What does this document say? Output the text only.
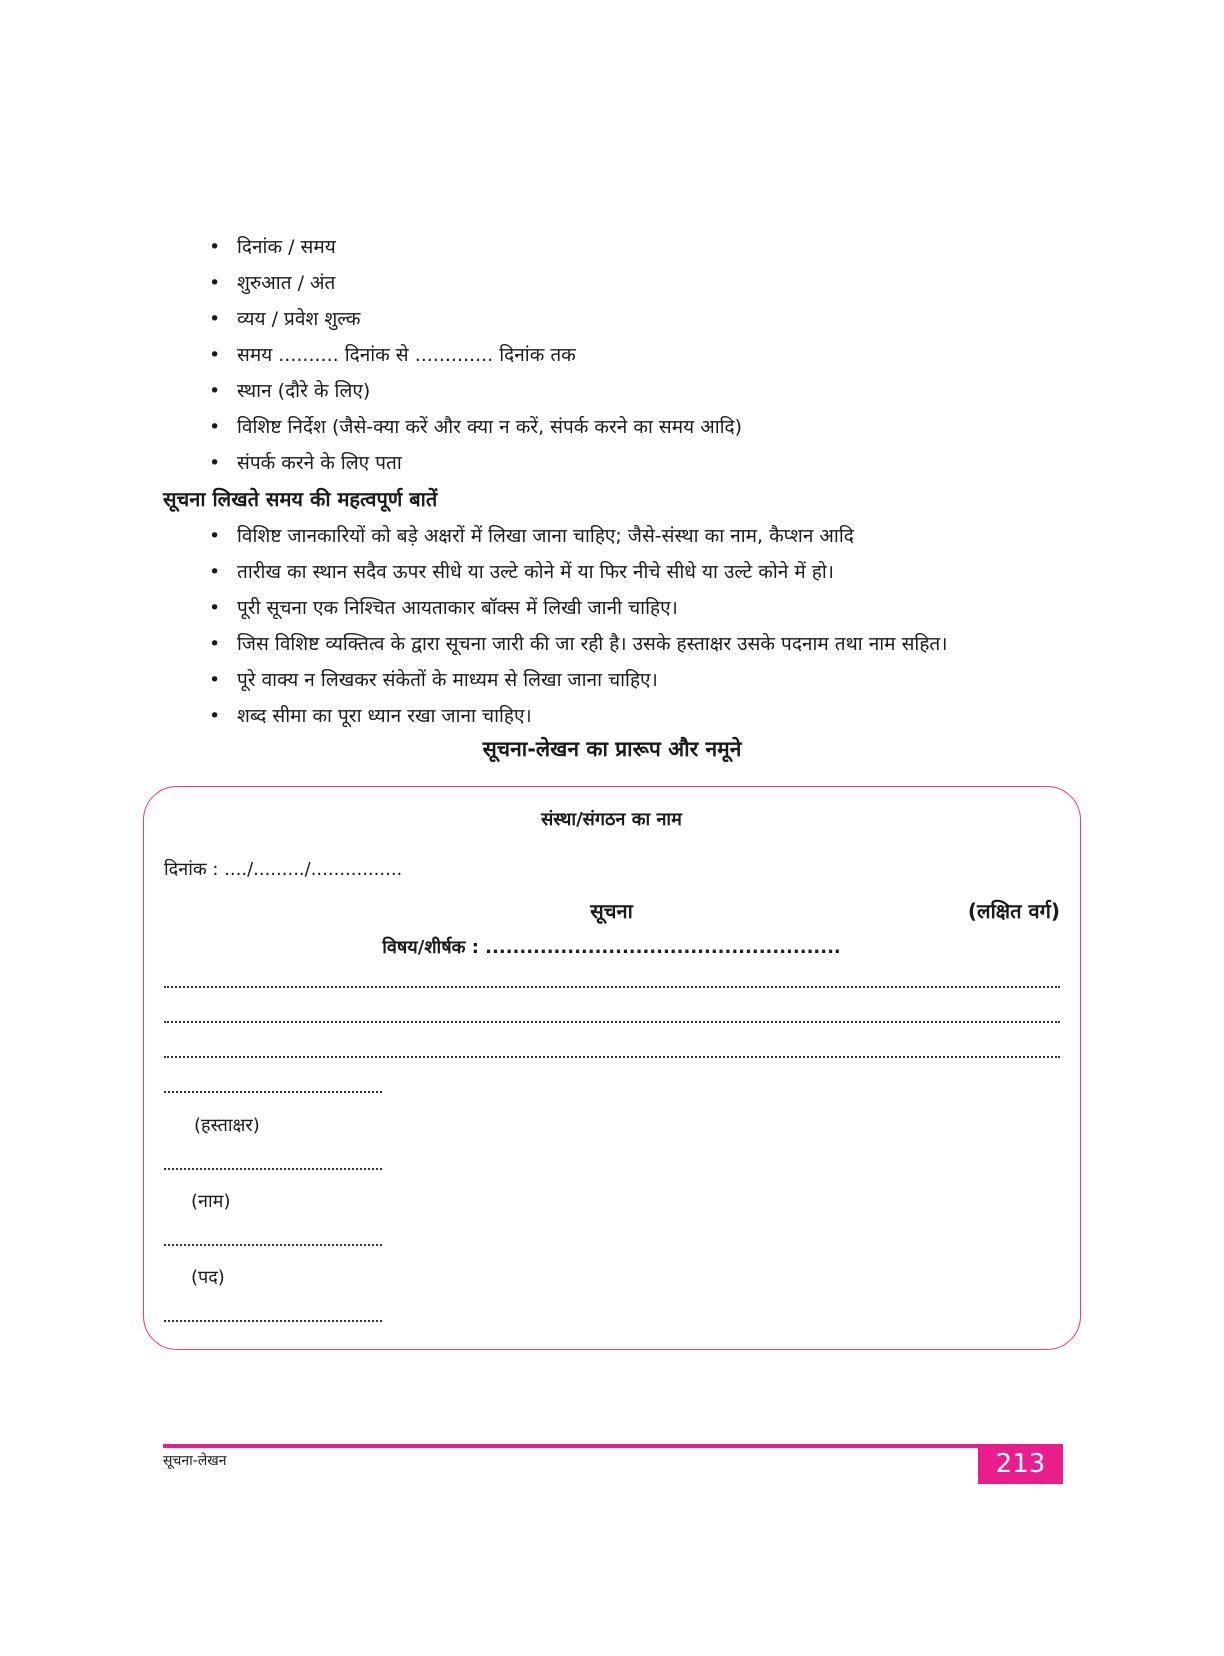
• दिनांक / समय
• शुरुआत / अंत
• व्यय / प्रवेश शुल्क
• समय .......... दिनांक से ............. दिनांक तक
• स्थान (दौरे के लिए)
• विशिष्ट निर्देश (जैसे-क्या करें और क्या न करें, संपर्क करने का समय आदि)
• संपर्क करने के लिए पता
सूचना लिखते समय की महत्वपूर्ण बातें
• विशिष्ट जानकारियों को बड़े अक्षरों में लिखा जाना चाहिए; जैसे-संस्था का नाम, कैप्शन आदि
• तारीख का स्थान सदैव ऊपर सीधे या उल्टे कोने में या फिर नीचे सीधे या उल्टे कोने में हो।
• पूरी सूचना एक निश्चित आयताकार बॉक्स में लिखी जानी चाहिए।
• जिस विशिष्ट व्यक्तित्व के द्वारा सूचना जारी की जा रही है। उसके हस्ताक्षर उसके पदनाम तथा नाम सहित।
• पूरे वाक्य न लिखकर संकेतों के माध्यम से लिखा जाना चाहिए।
• शब्द सीमा का पूरा ध्यान रखा जाना चाहिए।
सूचना-लेखन का प्रारूप और नमूने
संस्था/संगठन का नाम
दिनांक : ..../........./................
सूचना	(लक्षित वर्ग)
विषय/शीर्षक : ....................................................
(हस्ताक्षर)
(नाम)
(पद)
सूचना-लेखन	213
